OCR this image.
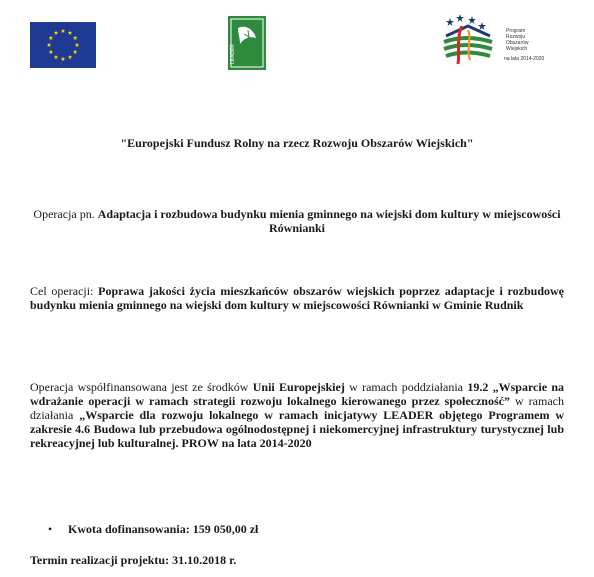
LEADER
Program
Rozwoju
Obszarów
Wiejskich
na lata 2014-2020
"Europejski Fundusz Rolny na rzecz Rozwoju Obszarów Wiejskich"
Operacja pn. Adaptacja i rozbudowa budynku mienia gminnego na wiejski dom kultury w miejscowości Równianki
Cel operacji: Poprawa jakości życia mieszkańców obszarów wiejskich poprzez adaptacje i rozbudowę budynku mienia gminnego na wiejski dom kultury w miejscowości Równianki w Gminie Rudnik
Operacja współfinansowana jest ze środków Unii Europejskiej w ramach poddziałania 19.2 „Wsparcie na wdrażanie operacji w ramach strategii rozwoju lokalnego kierowanego przez społeczność” w ramach działania „Wsparcie dla rozwoju lokalnego w ramach inicjatywy LEADER objętego Programem w zakresie 4.6 Budowa lub przebudowa ogólnodostępnej i niekomercyjnej infrastruktury turystycznej lub rekreacyjnej lub kulturalnej. PROW na lata 2014-2020
• Kwota dofinansowania: 159 050,00 zł
Termin realizacji projektu: 31.10.2018 r.
